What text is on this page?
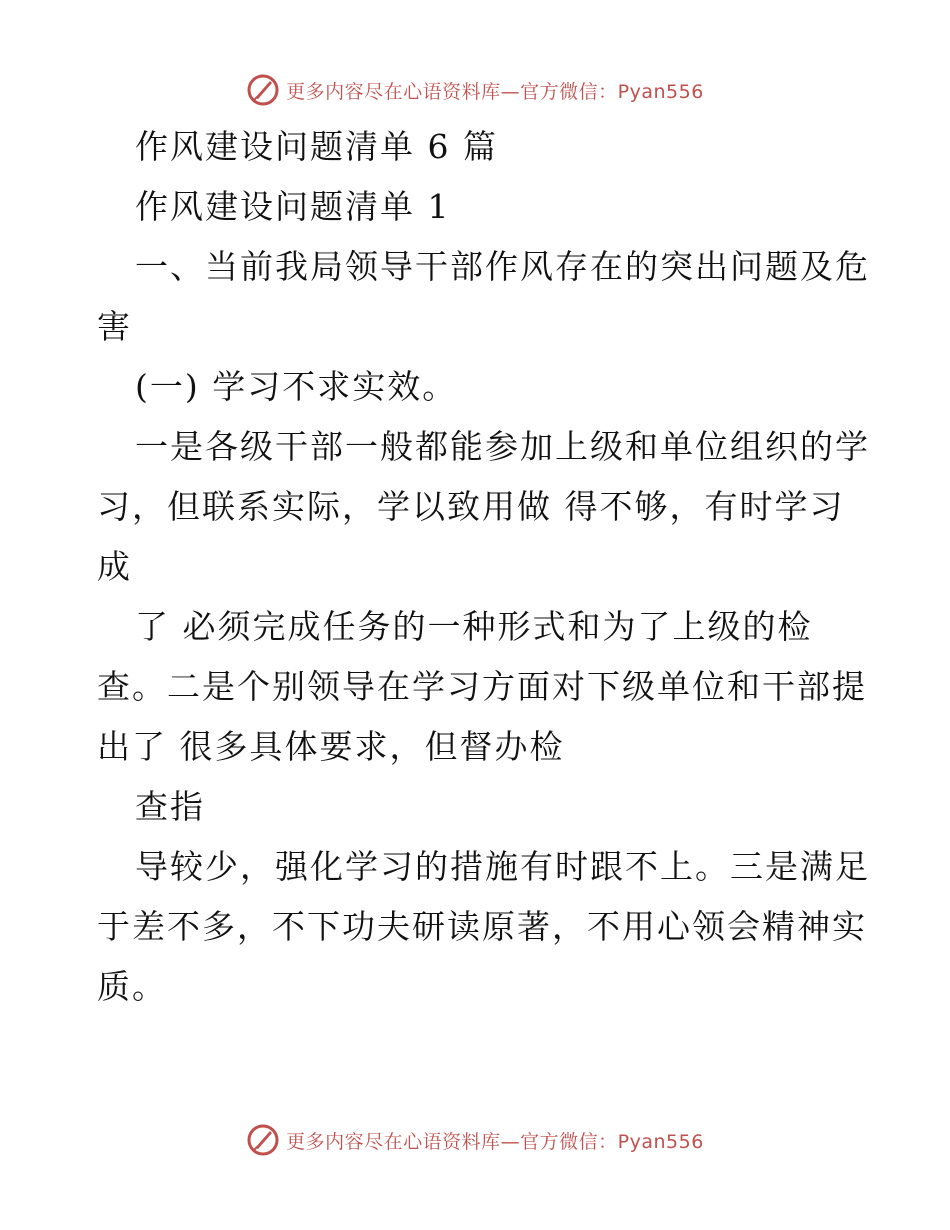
更多内容尽在心语资料库—官方微信：Pyan556
作风建设问题清单 6 篇
作风建设问题清单 1
一、当前我局领导干部作风存在的突出问题及危
害
(一) 学习不求实效。
一是各级干部一般都能参加上级和单位组织的学
习，但联系实际，学以致用做 得不够，有时学习
成
了 必须完成任务的一种形式和为了上级的检
查。二是个别领导在学习方面对下级单位和干部提
出了 很多具体要求，但督办检
查指
导较少，强化学习的措施有时跟不上。三是满足
于差不多，不下功夫研读原著，不用心领会精神实
质。
更多内容尽在心语资料库—官方微信：Pyan556
